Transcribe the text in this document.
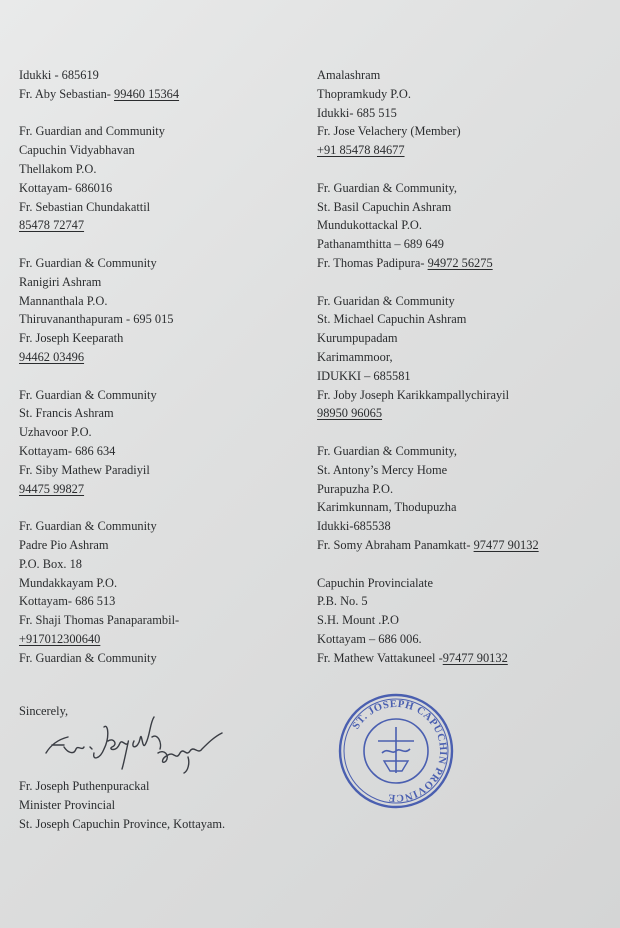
Idukki - 685619
Fr. Aby Sebastian- 99460 15364
Fr. Guardian and Community
Capuchin Vidyabhavan
Thellakom P.O.
Kottayam- 686016
Fr. Sebastian Chundakattil
85478 72747
Fr. Guardian & Community
Ranigiri Ashram
Mannanthala P.O.
Thiruvananthapuram - 695 015
Fr. Joseph Keeparath
94462 03496
Fr. Guardian & Community
St. Francis Ashram
Uzhavoor P.O.
Kottayam- 686 634
Fr. Siby Mathew Paradiyil
94475 99827
Fr. Guardian & Community
Padre Pio Ashram
P.O. Box. 18
Mundakkayam P.O.
Kottayam- 686 513
Fr. Shaji Thomas Panaparambil-
+917012300640
Fr. Guardian & Community
Amalashram
Thopramkudy P.O.
Idukki- 685 515
Fr. Jose Velachery (Member)
+91 85478 84677
Fr. Guardian & Community,
St. Basil Capuchin Ashram
Mundukottackal P.O.
Pathanamthitta – 689 649
Fr. Thomas Padipura- 94972 56275
Fr. Guaridan & Community
St. Michael Capuchin Ashram
Kurumpupadam
Karimammoor,
IDUKKI – 685581
Fr. Joby Joseph Karikkampallychirayil
98950 96065
Fr. Guardian & Community,
St. Antony’s Mercy Home
Purapuzha P.O.
Karimkunnam, Thodupuzha
Idukki-685538
Fr. Somy Abraham Panamkatt- 97477 90132
Capuchin Provincialate
P.B. No. 5
S.H. Mount .P.O
Kottayam – 686 006.
Fr. Mathew Vattakuneel -97477 90132
Sincerely,
ST. JOSEPH CAPUCHIN PROVINCE
Fr. Joseph Puthenpurackal
Minister Provincial
St. Joseph Capuchin Province, Kottayam.
